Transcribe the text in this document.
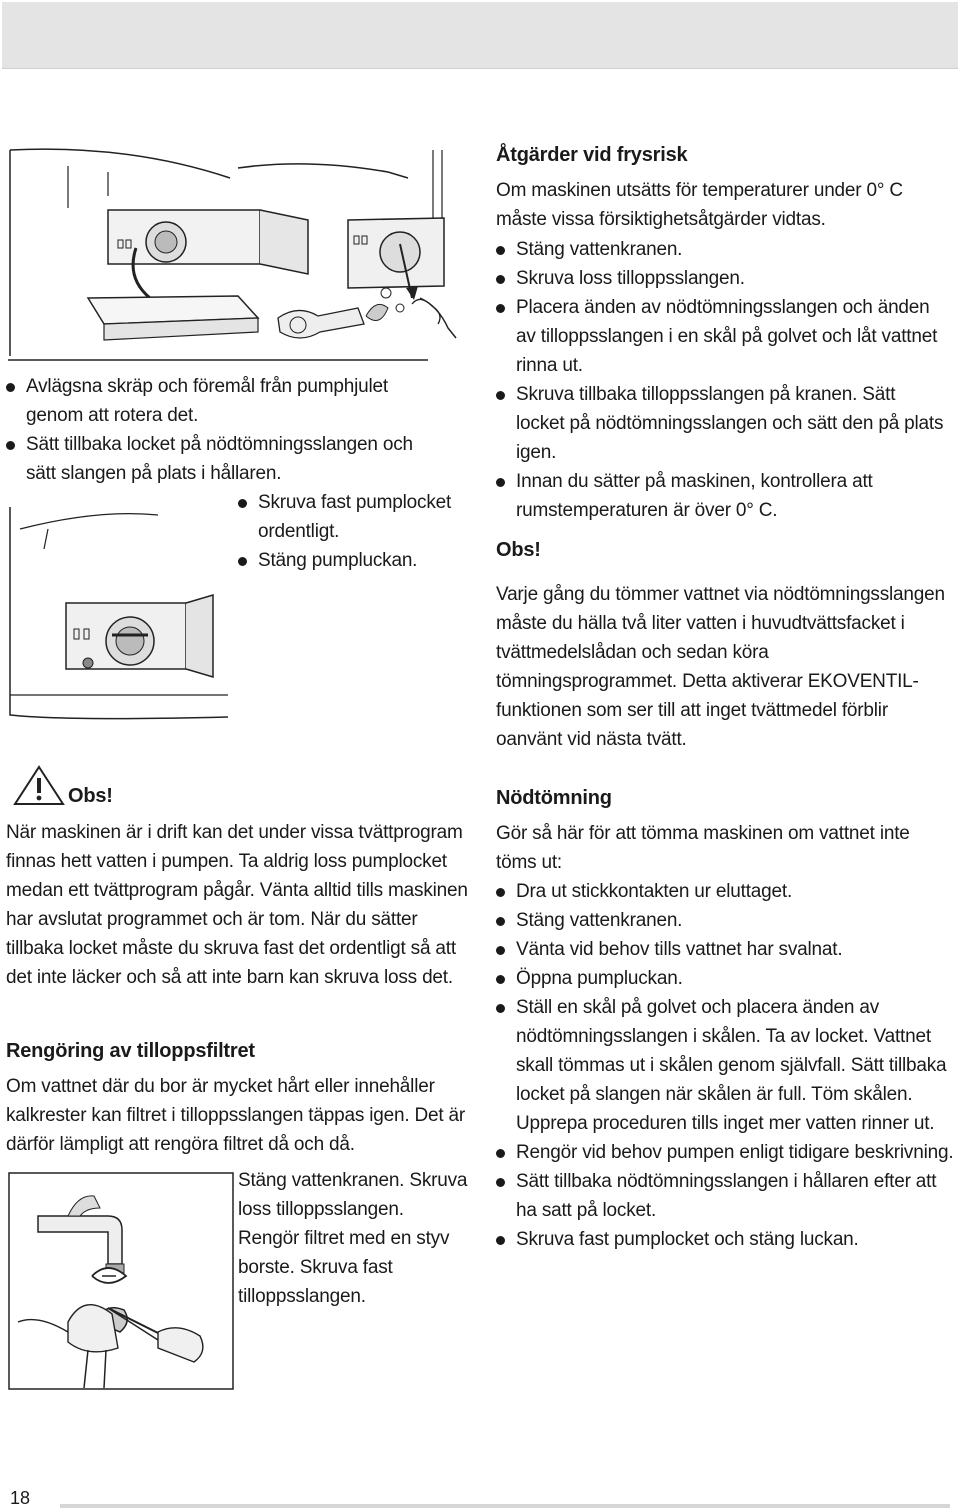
Avlägsna skräp och föremål från pumphjulet genom att rotera det.
Sätt tillbaka locket på nödtömningsslangen och sätt slangen på plats i hållaren.
Skruva fast pumplocket ordentligt.
Stäng pumpluckan.
Obs!
När maskinen är i drift kan det under vissa tvättprogram finnas hett vatten i pumpen. Ta aldrig loss pumplocket medan ett tvättprogram pågår. Vänta alltid tills maskinen har avslutat programmet och är tom. När du sätter tillbaka locket måste du skruva fast det ordentligt så att det inte läcker och så att inte barn kan skruva loss det.
Rengöring av tilloppsfiltret
Om vattnet där du bor är mycket hårt eller innehåller kalkrester kan filtret i tilloppsslangen täppas igen. Det är därför lämpligt att rengöra filtret då och då.
Stäng vattenkranen. Skruva loss tilloppsslangen. Rengör filtret med en styv borste. Skruva fast tilloppsslangen.
Åtgärder vid frysrisk
Om maskinen utsätts för temperaturer under 0° C måste vissa försiktighetsåtgärder vidtas.
Stäng vattenkranen.
Skruva loss tilloppsslangen.
Placera änden av nödtömningsslangen och änden av tilloppsslangen i en skål på golvet och låt vattnet rinna ut.
Skruva tillbaka tilloppsslangen på kranen. Sätt locket på nödtömningsslangen och sätt den på plats igen.
Innan du sätter på maskinen, kontrollera att rumstemperaturen är över 0° C.
Obs!
Varje gång du tömmer vattnet via nödtömningsslangen måste du hälla två liter vatten i huvudtvättsfacket i tvättmedelslådan och sedan köra tömningsprogrammet. Detta aktiverar EKOVENTIL-funktionen som ser till att inget tvättmedel förblir oanvänt vid nästa tvätt.
Nödtömning
Gör så här för att tömma maskinen om vattnet inte töms ut:
Dra ut stickkontakten ur eluttaget.
Stäng vattenkranen.
Vänta vid behov tills vattnet har svalnat.
Öppna pumpluckan.
Ställ en skål på golvet och placera änden av nödtömningsslangen i skålen. Ta av locket. Vattnet skall tömmas ut i skålen genom självfall. Sätt tillbaka locket på slangen när skålen är full. Töm skålen. Upprepa proceduren tills inget mer vatten rinner ut.
Rengör vid behov pumpen enligt tidigare beskrivning.
Sätt tillbaka nödtömningsslangen i hållaren efter att ha satt på locket.
Skruva fast pumplocket och stäng luckan.
18
